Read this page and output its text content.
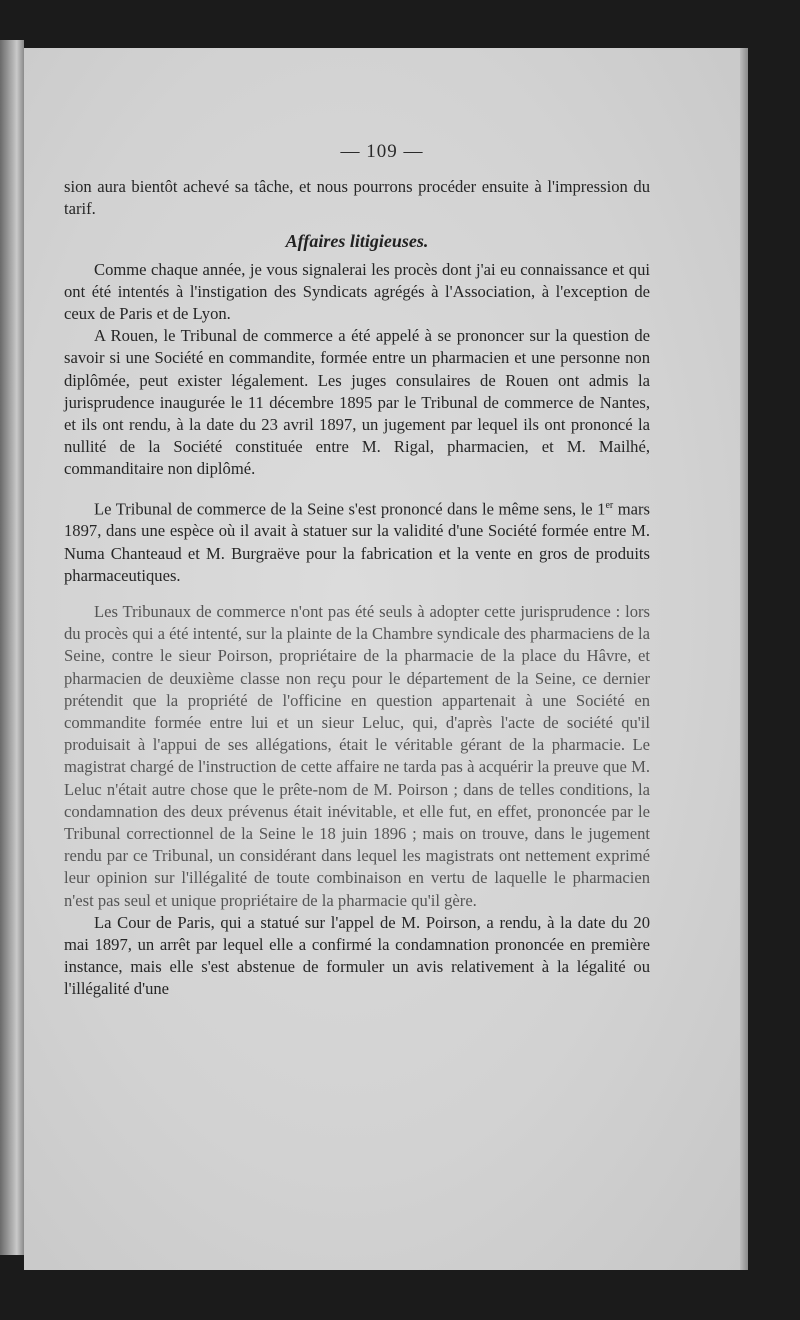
— 109 —

sion aura bientôt achevé sa tâche, et nous pourrons procéder ensuite à l'impression du tarif.

Affaires litigieuses.

Comme chaque année, je vous signalerai les procès dont j'ai eu connaissance et qui ont été intentés à l'instigation des Syndicats agrégés à l'Association, à l'exception de ceux de Paris et de Lyon.

A Rouen, le Tribunal de commerce a été appelé à se prononcer sur la question de savoir si une Société en commandite, formée entre un pharmacien et une personne non diplômée, peut exister légalement. Les juges consulaires de Rouen ont admis la jurisprudence inaugurée le 11 décembre 1895 par le Tribunal de commerce de Nantes, et ils ont rendu, à la date du 23 avril 1897, un jugement par lequel ils ont prononcé la nullité de la Société constituée entre M. Rigal, pharmacien, et M. Mailhé, commanditaire non diplômé.

Le Tribunal de commerce de la Seine s'est prononcé dans le même sens, le 1er mars 1897, dans une espèce où il avait à statuer sur la validité d'une Société formée entre M. Numa Chanteaud et M. Burgraëve pour la fabrication et la vente en gros de produits pharmaceutiques.

Les Tribunaux de commerce n'ont pas été seuls à adopter cette jurisprudence : lors du procès qui a été intenté, sur la plainte de la Chambre syndicale des pharmaciens de la Seine, contre le sieur Poirson, propriétaire de la pharmacie de la place du Hâvre, et pharmacien de deuxième classe non reçu pour le département de la Seine, ce dernier prétendit que la propriété de l'officine en question appartenait à une Société en commandite formée entre lui et un sieur Leluc, qui, d'après l'acte de société qu'il produisait à l'appui de ses allégations, était le véritable gérant de la pharmacie. Le magistrat chargé de l'instruction de cette affaire ne tarda pas à acquérir la preuve que M. Leluc n'était autre chose que le prête-nom de M. Poirson ; dans de telles conditions, la condamnation des deux prévenus était inévitable, et elle fut, en effet, prononcée par le Tribunal correctionnel de la Seine le 18 juin 1896 ; mais on trouve, dans le jugement rendu par ce Tribunal, un considérant dans lequel les magistrats ont nettement exprimé leur opinion sur l'illégalité de toute combinaison en vertu de laquelle le pharmacien n'est pas seul et unique propriétaire de la pharmacie qu'il gère.

La Cour de Paris, qui a statué sur l'appel de M. Poirson, a rendu, à la date du 20 mai 1897, un arrêt par lequel elle a confirmé la condamnation prononcée en première instance, mais elle s'est abstenue de formuler un avis relativement à la légalité ou l'illégalité d'une
